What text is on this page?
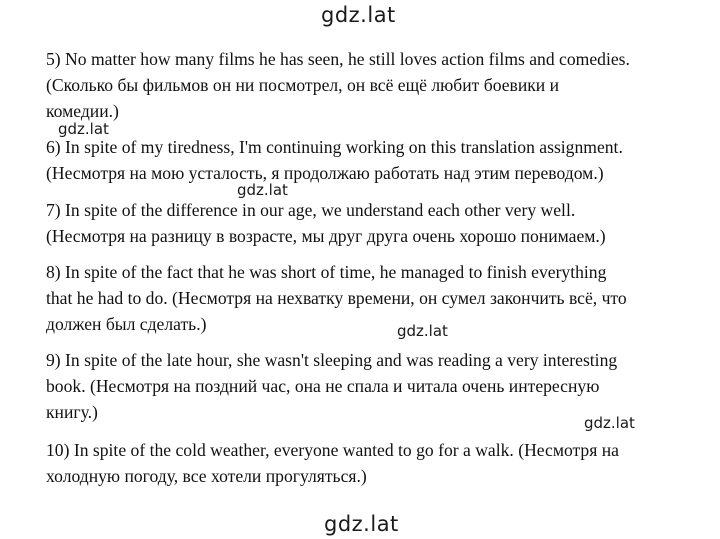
gdz.lat
gdz.lat
gdz.lat
gdz.lat
gdz.lat
gdz.lat
5) No matter how many films he has seen, he still loves action films and comedies.
(Сколько бы фильмов он ни посмотрел, он всё ещё любит боевики и
комедии.)
6) In spite of my tiredness, I'm continuing working on this translation assignment.
(Несмотря на мою усталость, я продолжаю работать над этим переводом.)
7) In spite of the difference in our age, we understand each other very well.
(Несмотря на разницу в возрасте, мы друг друга очень хорошо понимаем.)
8) In spite of the fact that he was short of time, he managed to finish everything
that he had to do. (Несмотря на нехватку времени, он сумел закончить всё, что
должен был сделать.)
9) In spite of the late hour, she wasn't sleeping and was reading a very interesting
book. (Несмотря на поздний час, она не спала и читала очень интересную
книгу.)
10) In spite of the cold weather, everyone wanted to go for a walk. (Несмотря на
холодную погоду, все хотели прогуляться.)
